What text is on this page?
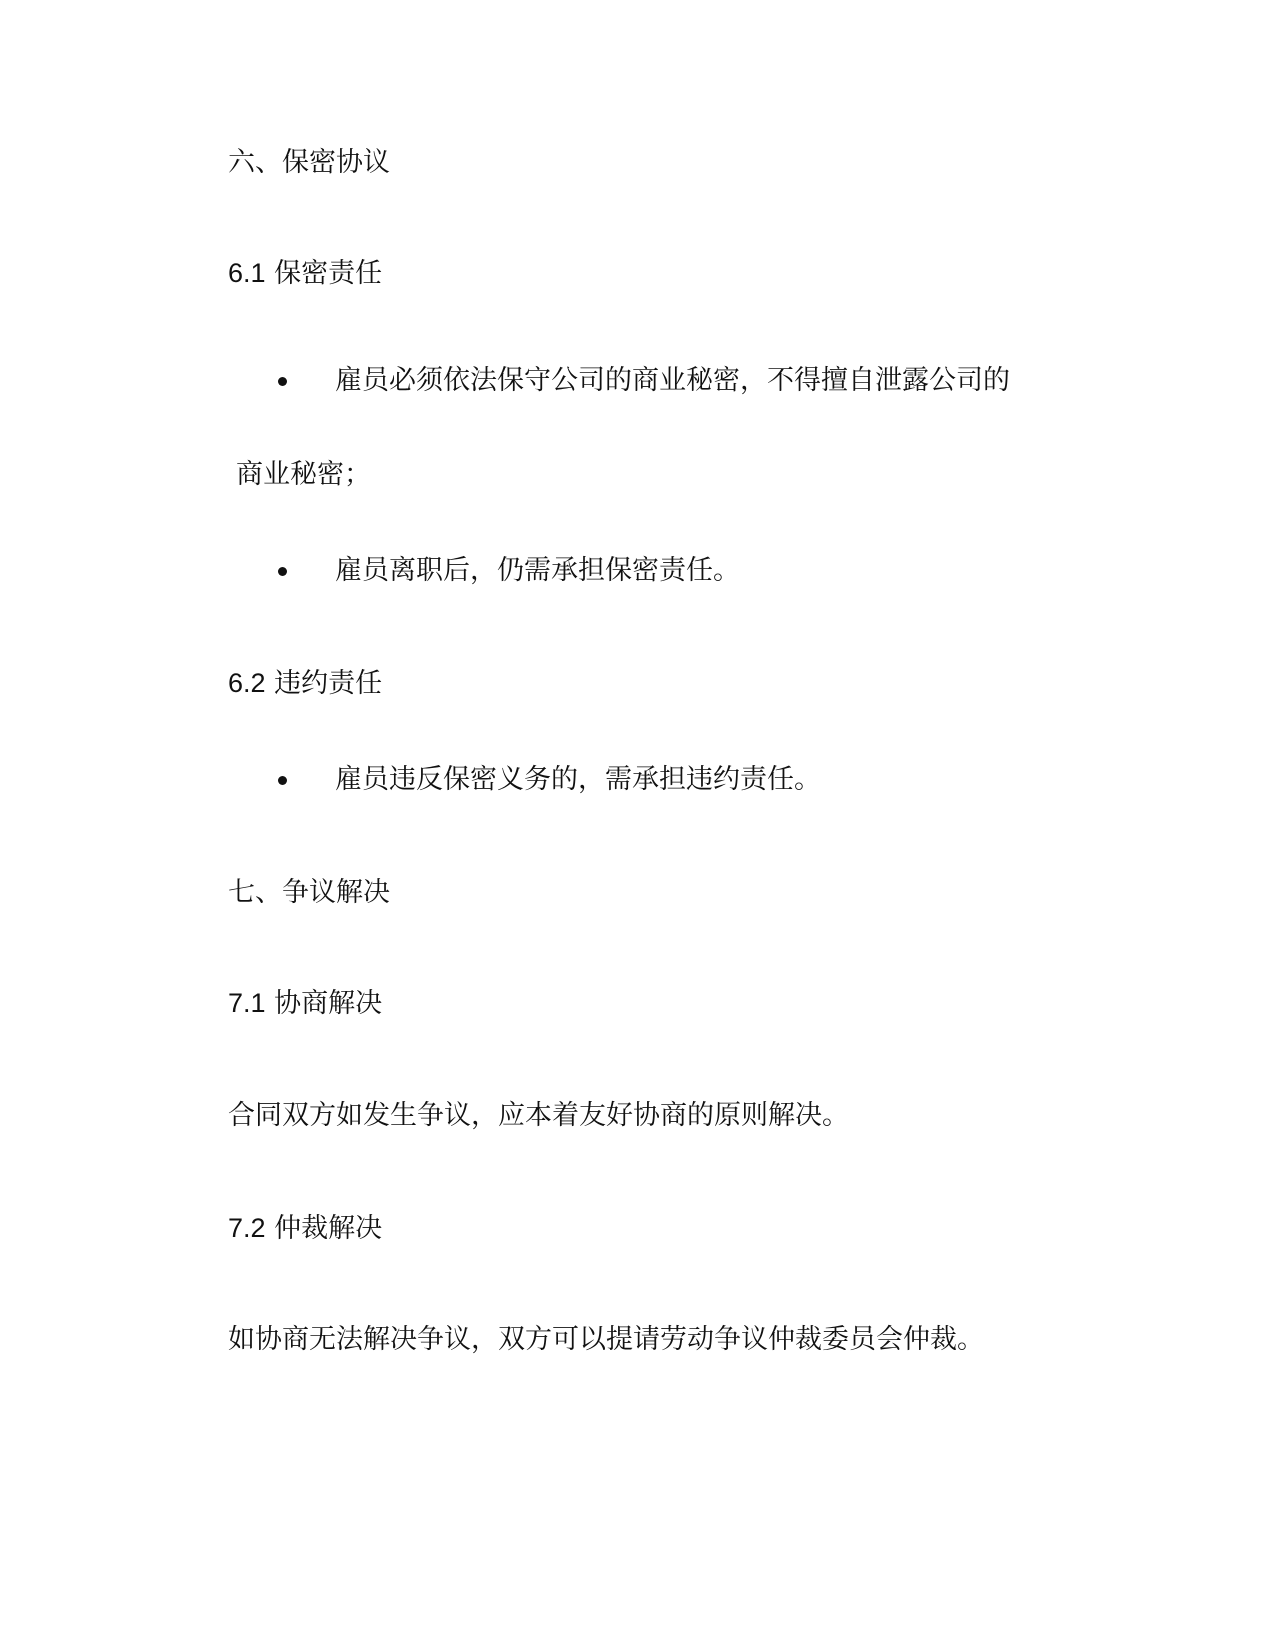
六、保密协议
6.1 保密责任
雇员必须依法保守公司的商业秘密，不得擅自泄露公司的
商业秘密；
雇员离职后，仍需承担保密责任。
6.2 违约责任
雇员违反保密义务的，需承担违约责任。
七、争议解决
7.1 协商解决
合同双方如发生争议，应本着友好协商的原则解决。
7.2 仲裁解决
如协商无法解决争议，双方可以提请劳动争议仲裁委员会仲裁。
